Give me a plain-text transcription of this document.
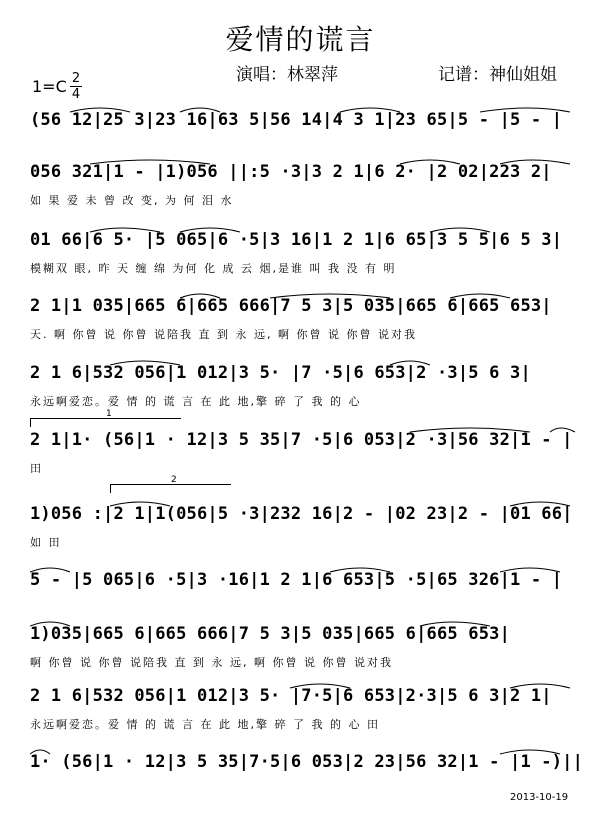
爱情的谎言
演唱：林翠萍	记谱：神仙姐姐
1=C 2
4
(56 12|25 3|23 16|63 5|56 14|4 3 1|23 65|5 - |5 - |
056 321|1 - |1)056 ||:5 ·3|3 2 1|6 2· |2 02|223 2|
如 果 爱 未 曾 改 变, 为 何 泪 水
01 66|6 5· |5 065|6 ·5|3 16|1 2 1|6 65|3 5 5|6 5 3|
模糊双 眼, 昨 天 缠 绵 为何 化 成 云 烟,是谁 叫 我 没 有 明
2 1|1 035|665 6|665 666|7 5 3|5 035|665 6|665 653|
天. 啊 你曾 说 你曾 说陪我 直 到 永 远, 啊 你曾 说 你曾 说对我
2 1 6|532 056|1 012|3 5· |7 ·5|6 653|2 ·3|5 6 3|
永远啊爱恋。爱 情 的 谎 言 在 此 地,擎 碎 了 我 的 心
1
2 1|1· (56|1 · 12|3 5 35|7 ·5|6 053|2 ·3|56 32|1 - |
田
2
1)056 :|2 1|1(056|5 ·3|232 16|2 - |02 23|2 - |01 66|
如 田
5 - |5 065|6 ·5|3 ·16|1 2 1|6 653|5 ·5|65 326|1 - |
1)035|665 6|665 666|7 5 3|5 035|665 6|665 653|
啊 你曾 说 你曾 说陪我 直 到 永 远, 啊 你曾 说 你曾 说对我
2 1 6|532 056|1 012|3 5· |7·5|6 653|2·3|5 6 3|2 1|
永远啊爱恋。爱 情 的 谎 言 在 此 地,擎 碎 了 我 的 心 田
1· (56|1 · 12|3 5 35|7·5|6 053|2 23|56 32|1 - |1 -)||
2013-10-19
